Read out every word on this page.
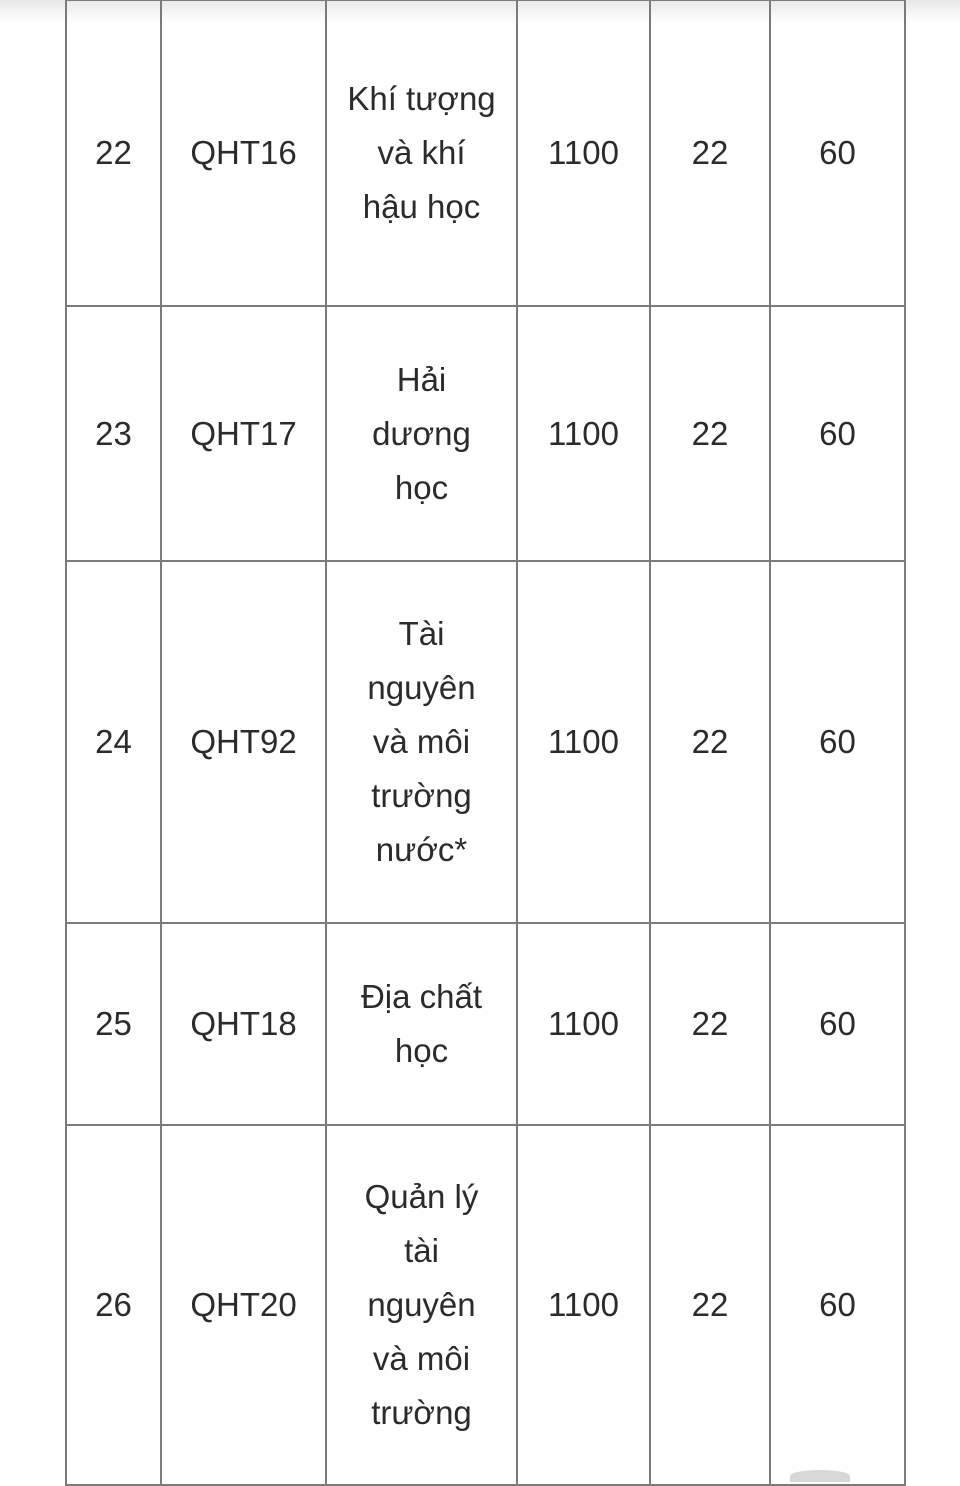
22	QHT16	Khí tượng và khí hậu học	1100	22	60
23	QHT17	Hải dương học	1100	22	60
24	QHT92	Tài nguyên và môi trường nước*	1100	22	60
25	QHT18	Địa chất học	1100	22	60
26	QHT20	Quản lý tài nguyên và môi trường	1100	22	60
